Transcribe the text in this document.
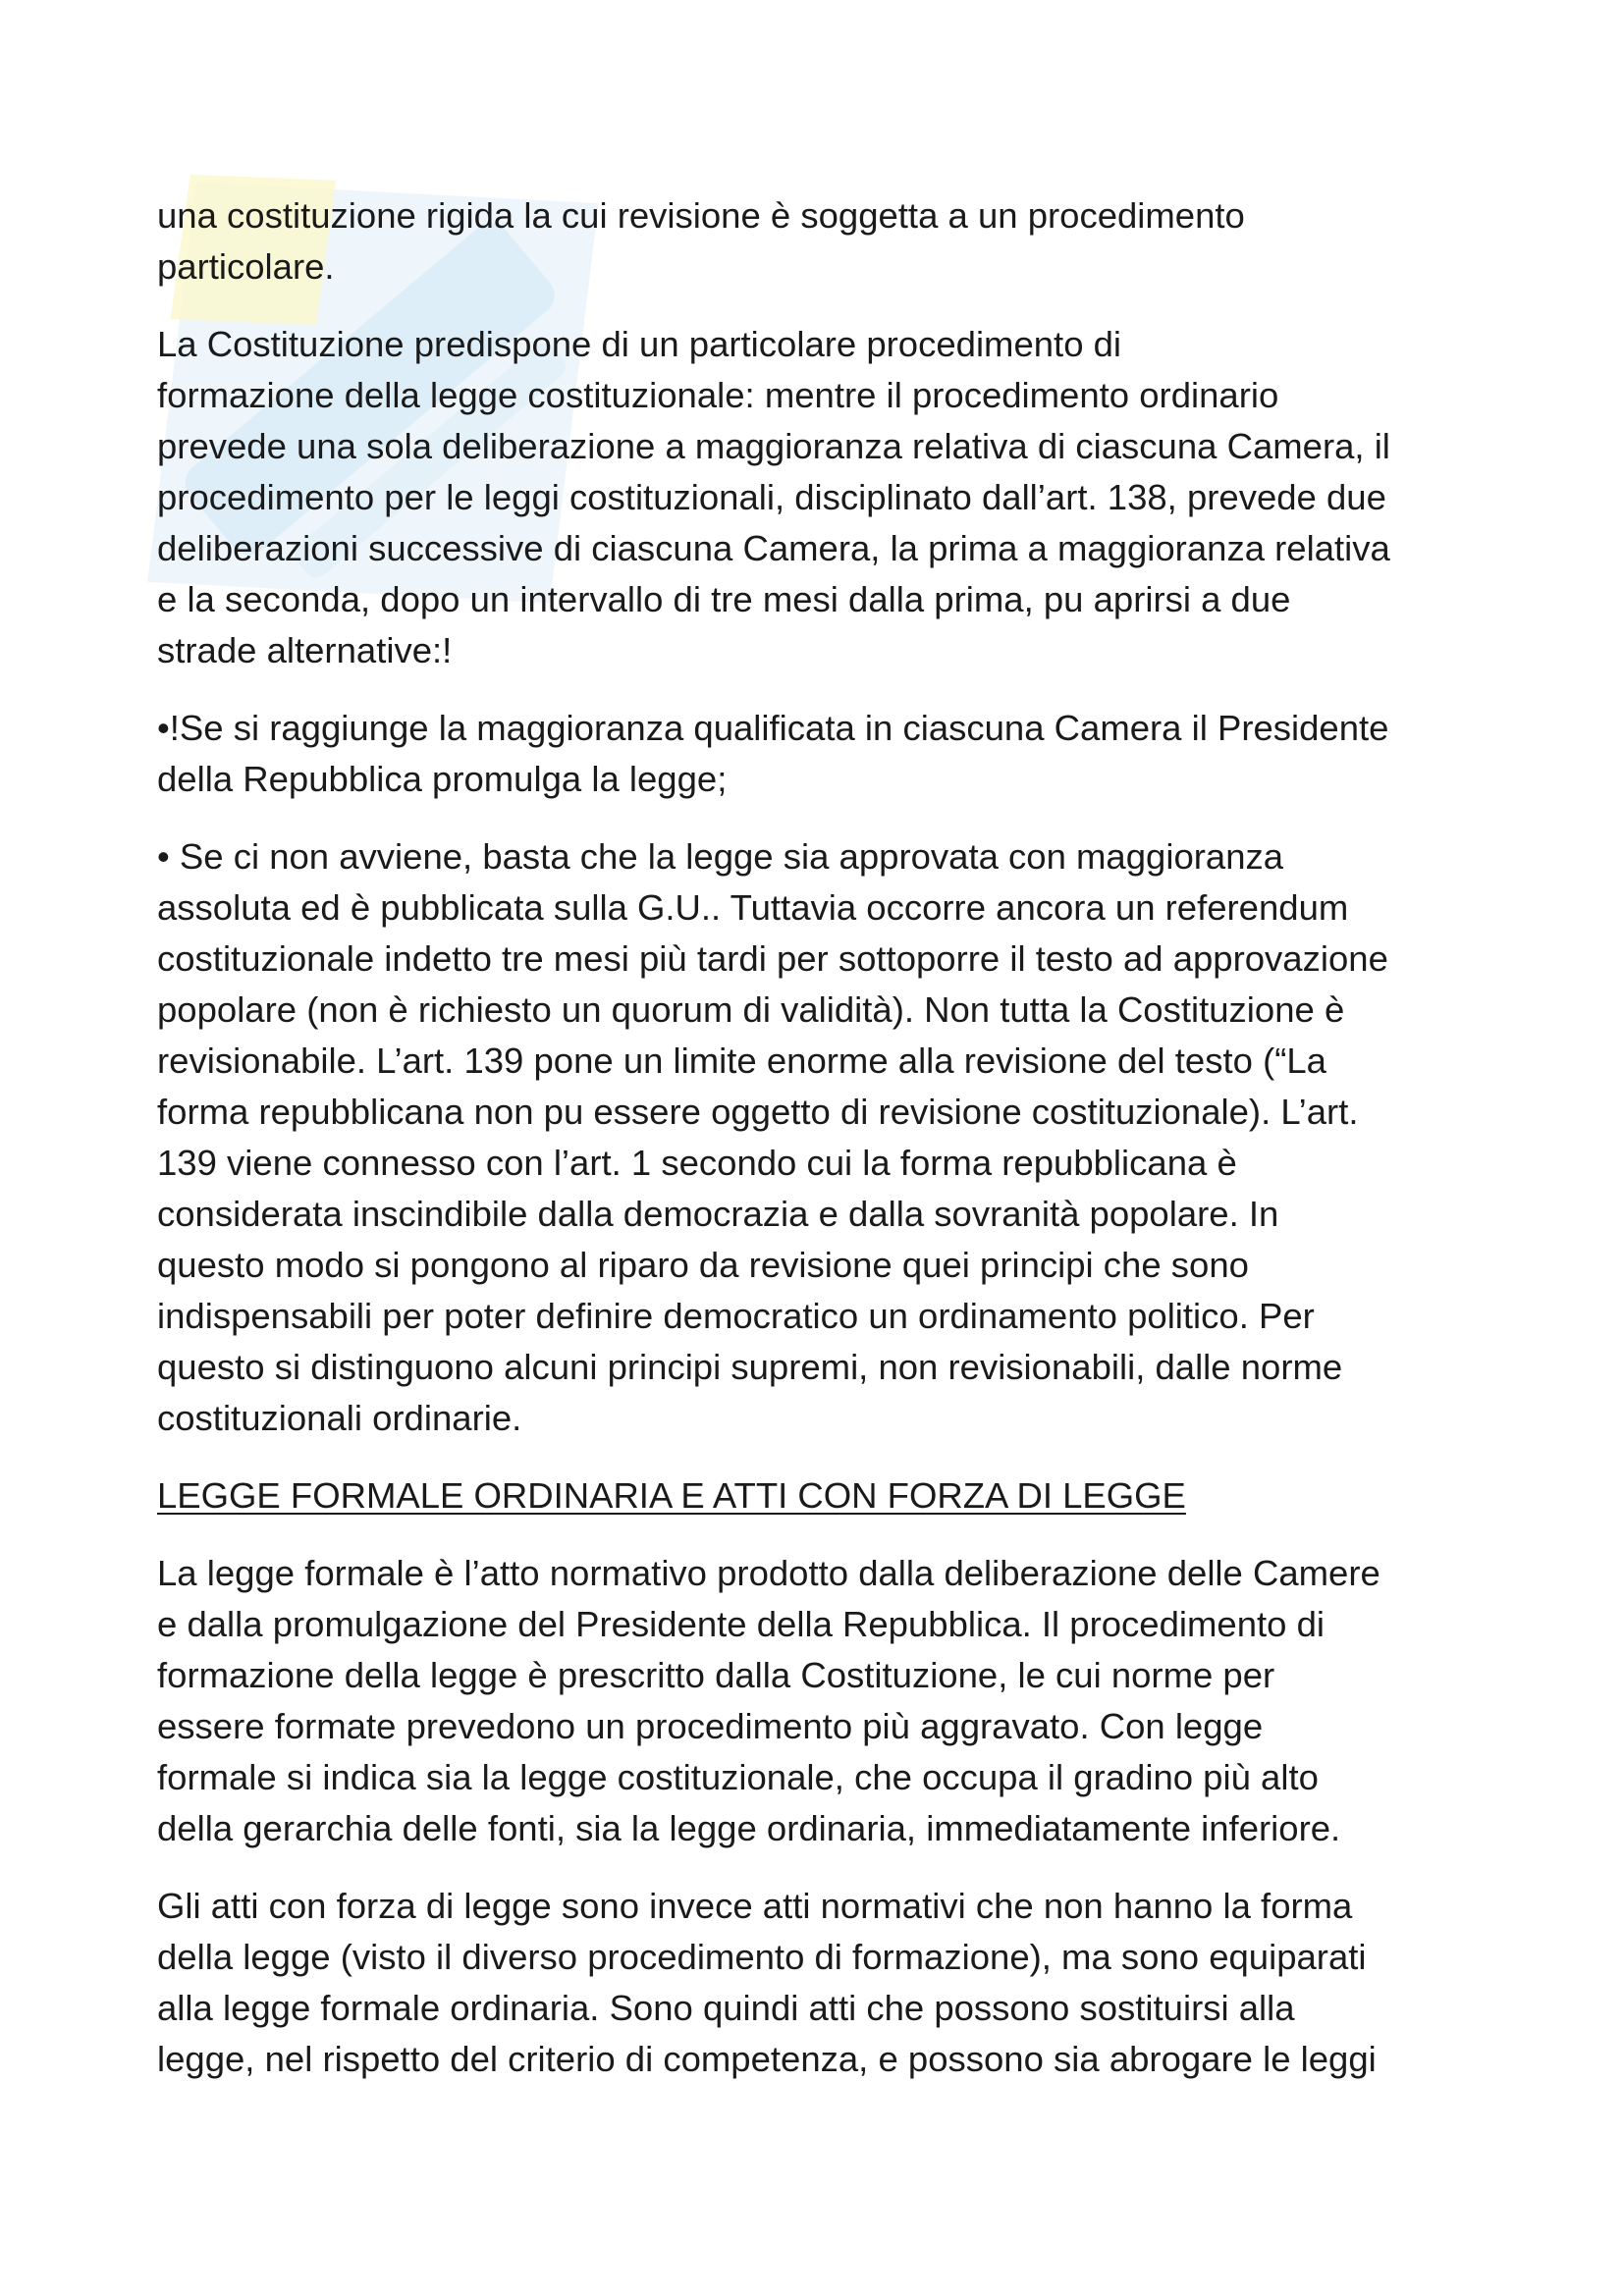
una costituzione rigida la cui revisione è soggetta a un procedimento
particolare.

La Costituzione predispone di un particolare procedimento di
formazione della legge costituzionale: mentre il procedimento ordinario
prevede una sola deliberazione a maggioranza relativa di ciascuna Camera, il
procedimento per le leggi costituzionali, disciplinato dall’art. 138, prevede due
deliberazioni successive di ciascuna Camera, la prima a maggioranza relativa
e la seconda, dopo un intervallo di tre mesi dalla prima, pu aprirsi a due
strade alternative:!

•!Se si raggiunge la maggioranza qualificata in ciascuna Camera il Presidente
della Repubblica promulga la legge;

• Se ci non avviene, basta che la legge sia approvata con maggioranza
assoluta ed è pubblicata sulla G.U.. Tuttavia occorre ancora un referendum
costituzionale indetto tre mesi più tardi per sottoporre il testo ad approvazione
popolare (non è richiesto un quorum di validità). Non tutta la Costituzione è
revisionabile. L’art. 139 pone un limite enorme alla revisione del testo (“La
forma repubblicana non pu essere oggetto di revisione costituzionale). L’art.
139 viene connesso con l’art. 1 secondo cui la forma repubblicana è
considerata inscindibile dalla democrazia e dalla sovranità popolare. In
questo modo si pongono al riparo da revisione quei principi che sono
indispensabili per poter definire democratico un ordinamento politico. Per
questo si distinguono alcuni principi supremi, non revisionabili, dalle norme
costituzionali ordinarie.

LEGGE FORMALE ORDINARIA E ATTI CON FORZA DI LEGGE

La legge formale è l’atto normativo prodotto dalla deliberazione delle Camere
e dalla promulgazione del Presidente della Repubblica. Il procedimento di
formazione della legge è prescritto dalla Costituzione, le cui norme per
essere formate prevedono un procedimento più aggravato. Con legge
formale si indica sia la legge costituzionale, che occupa il gradino più alto
della gerarchia delle fonti, sia la legge ordinaria, immediatamente inferiore.

Gli atti con forza di legge sono invece atti normativi che non hanno la forma
della legge (visto il diverso procedimento di formazione), ma sono equiparati
alla legge formale ordinaria. Sono quindi atti che possono sostituirsi alla
legge, nel rispetto del criterio di competenza, e possono sia abrogare le leggi
